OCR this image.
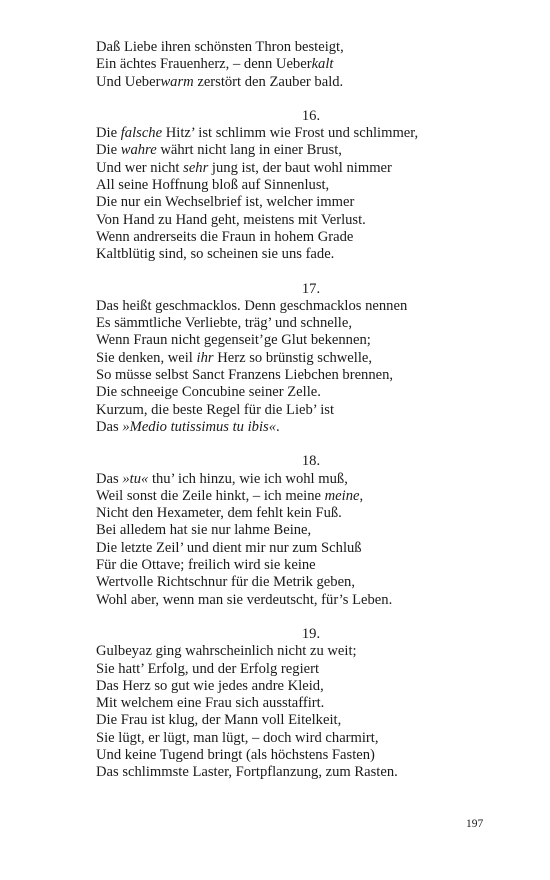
Daß Liebe ihren schönsten Thron besteigt,
Ein ächtes Frauenherz, – denn Ueberkalt
Und Ueberwarm zerstört den Zauber bald.
16.
Die falsche Hitz’ ist schlimm wie Frost und schlimmer,
Die wahre währt nicht lang in einer Brust,
Und wer nicht sehr jung ist, der baut wohl nimmer
All seine Hoffnung bloß auf Sinnenlust,
Die nur ein Wechselbrief ist, welcher immer
Von Hand zu Hand geht, meistens mit Verlust.
Wenn andrerseits die Fraun in hohem Grade
Kaltblütig sind, so scheinen sie uns fade.
17.
Das heißt geschmacklos. Denn geschmacklos nennen
Es sämmtliche Verliebte, träg’ und schnelle,
Wenn Fraun nicht gegenseit’ge Glut bekennen;
Sie denken, weil ihr Herz so brünstig schwelle,
So müsse selbst Sanct Franzens Liebchen brennen,
Die schneeige Concubine seiner Zelle.
Kurzum, die beste Regel für die Lieb’ ist
Das »Medio tutissimus tu ibis«.
18.
Das »tu« thu’ ich hinzu, wie ich wohl muß,
Weil sonst die Zeile hinkt, – ich meine meine,
Nicht den Hexameter, dem fehlt kein Fuß.
Bei alledem hat sie nur lahme Beine,
Die letzte Zeil’ und dient mir nur zum Schluß
Für die Ottave; freilich wird sie keine
Wertvolle Richtschnur für die Metrik geben,
Wohl aber, wenn man sie verdeutscht, für’s Leben.
19.
Gulbeyaz ging wahrscheinlich nicht zu weit;
Sie hatt’ Erfolg, und der Erfolg regiert
Das Herz so gut wie jedes andre Kleid,
Mit welchem eine Frau sich ausstaffirt.
Die Frau ist klug, der Mann voll Eitelkeit,
Sie lügt, er lügt, man lügt, – doch wird charmirt,
Und keine Tugend bringt (als höchstens Fasten)
Das schlimmste Laster, Fortpflanzung, zum Rasten.
197
